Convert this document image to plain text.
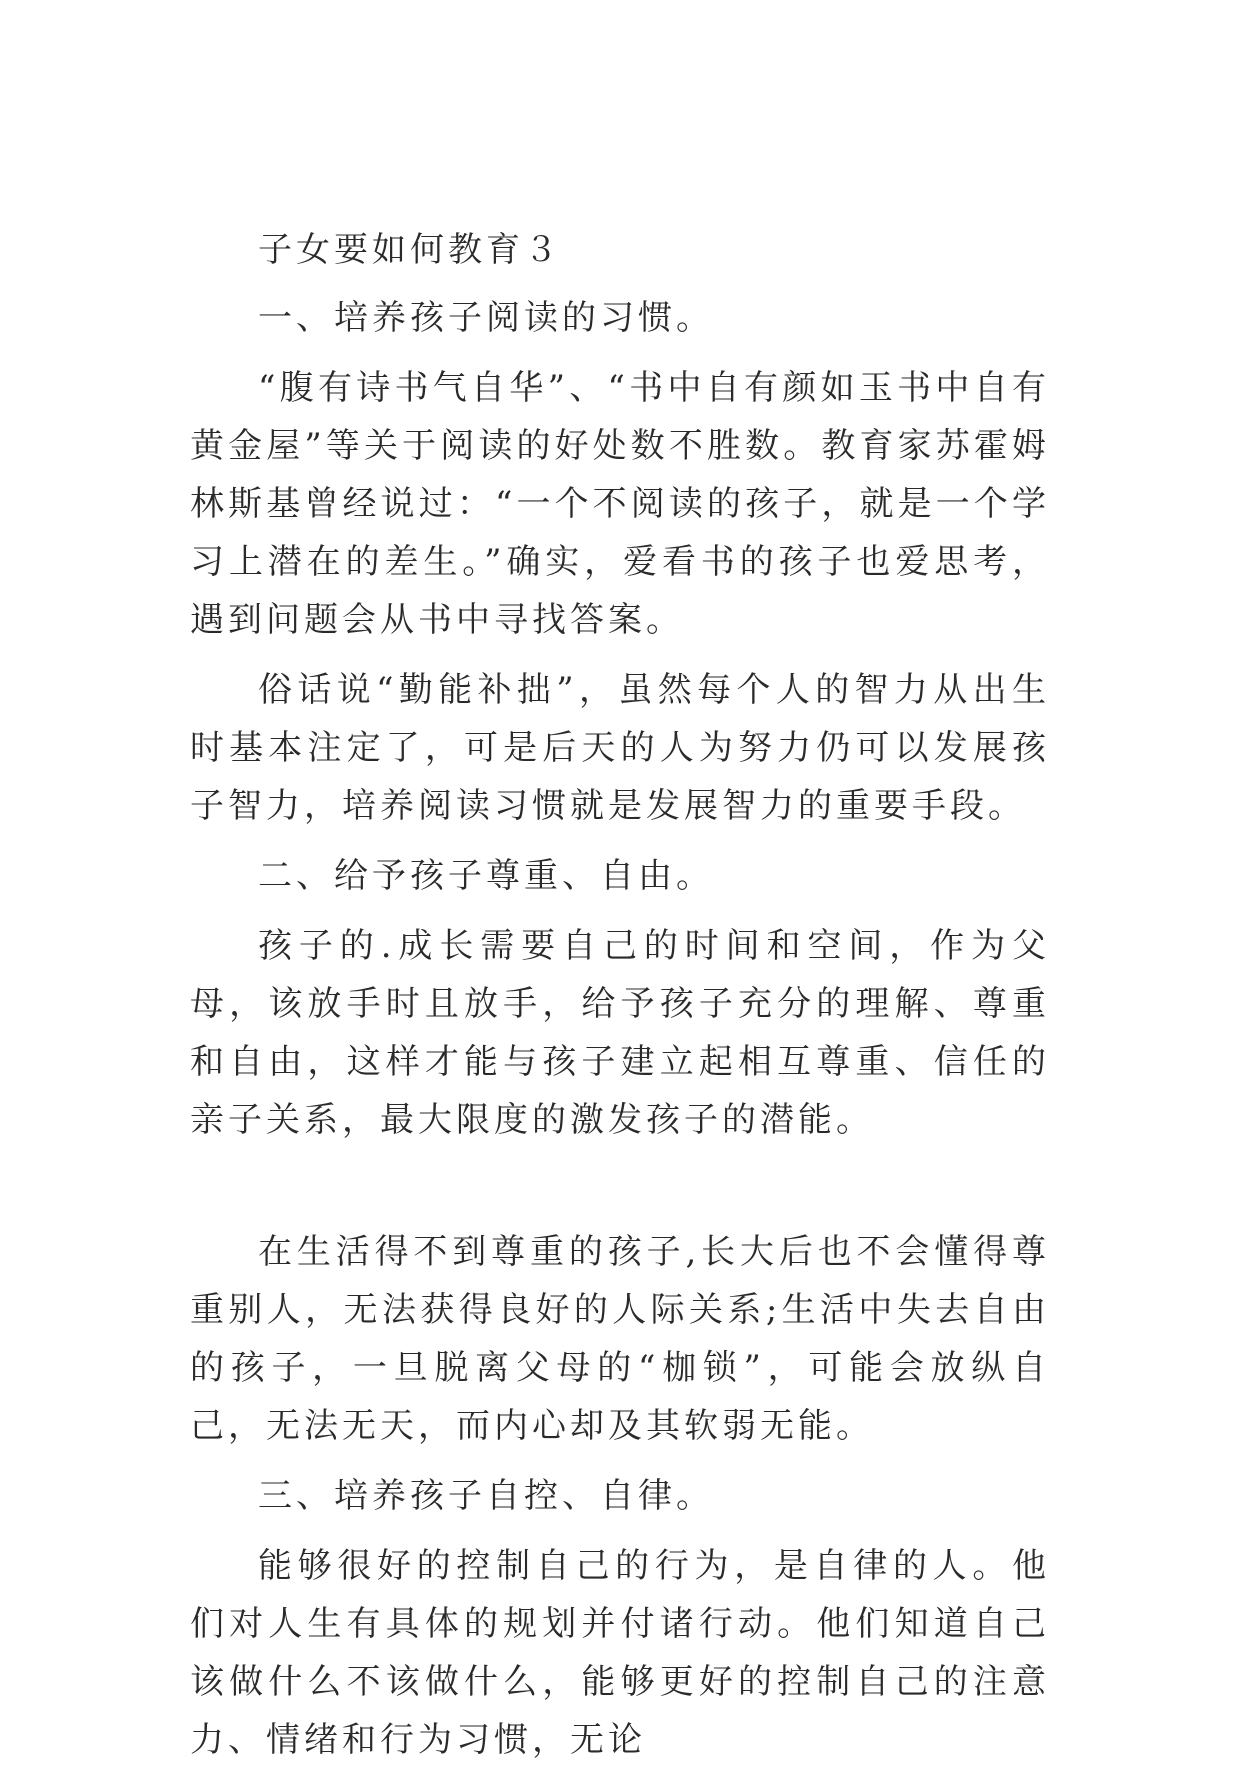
子女要如何教育３

一、培养孩子阅读的习惯。

“腹有诗书气自华”、“书中自有颜如玉书中自有黄金屋”等关于阅读的好处数不胜数。教育家苏霍姆林斯基曾经说过：“一个不阅读的孩子，就是一个学习上潜在的差生。”确实，爱看书的孩子也爱思考，遇到问题会从书中寻找答案。

俗话说“勤能补拙”，虽然每个人的智力从出生时基本注定了，可是后天的人为努力仍可以发展孩子智力，培养阅读习惯就是发展智力的重要手段。

二、给予孩子尊重、自由。

孩子的.成长需要自己的时间和空间，作为父母，该放手时且放手，给予孩子充分的理解、尊重和自由，这样才能与孩子建立起相互尊重、信任的亲子关系，最大限度的激发孩子的潜能。

在生活得不到尊重的孩子,长大后也不会懂得尊重别人，无法获得良好的人际关系;生活中失去自由的孩子，一旦脱离父母的“枷锁”，可能会放纵自己，无法无天，而内心却及其软弱无能。

三、培养孩子自控、自律。

能够很好的控制自己的行为，是自律的人。他们对人生有具体的规划并付诸行动。他们知道自己该做什么不该做什么，能够更好的控制自己的注意力、情绪和行为习惯，无论
